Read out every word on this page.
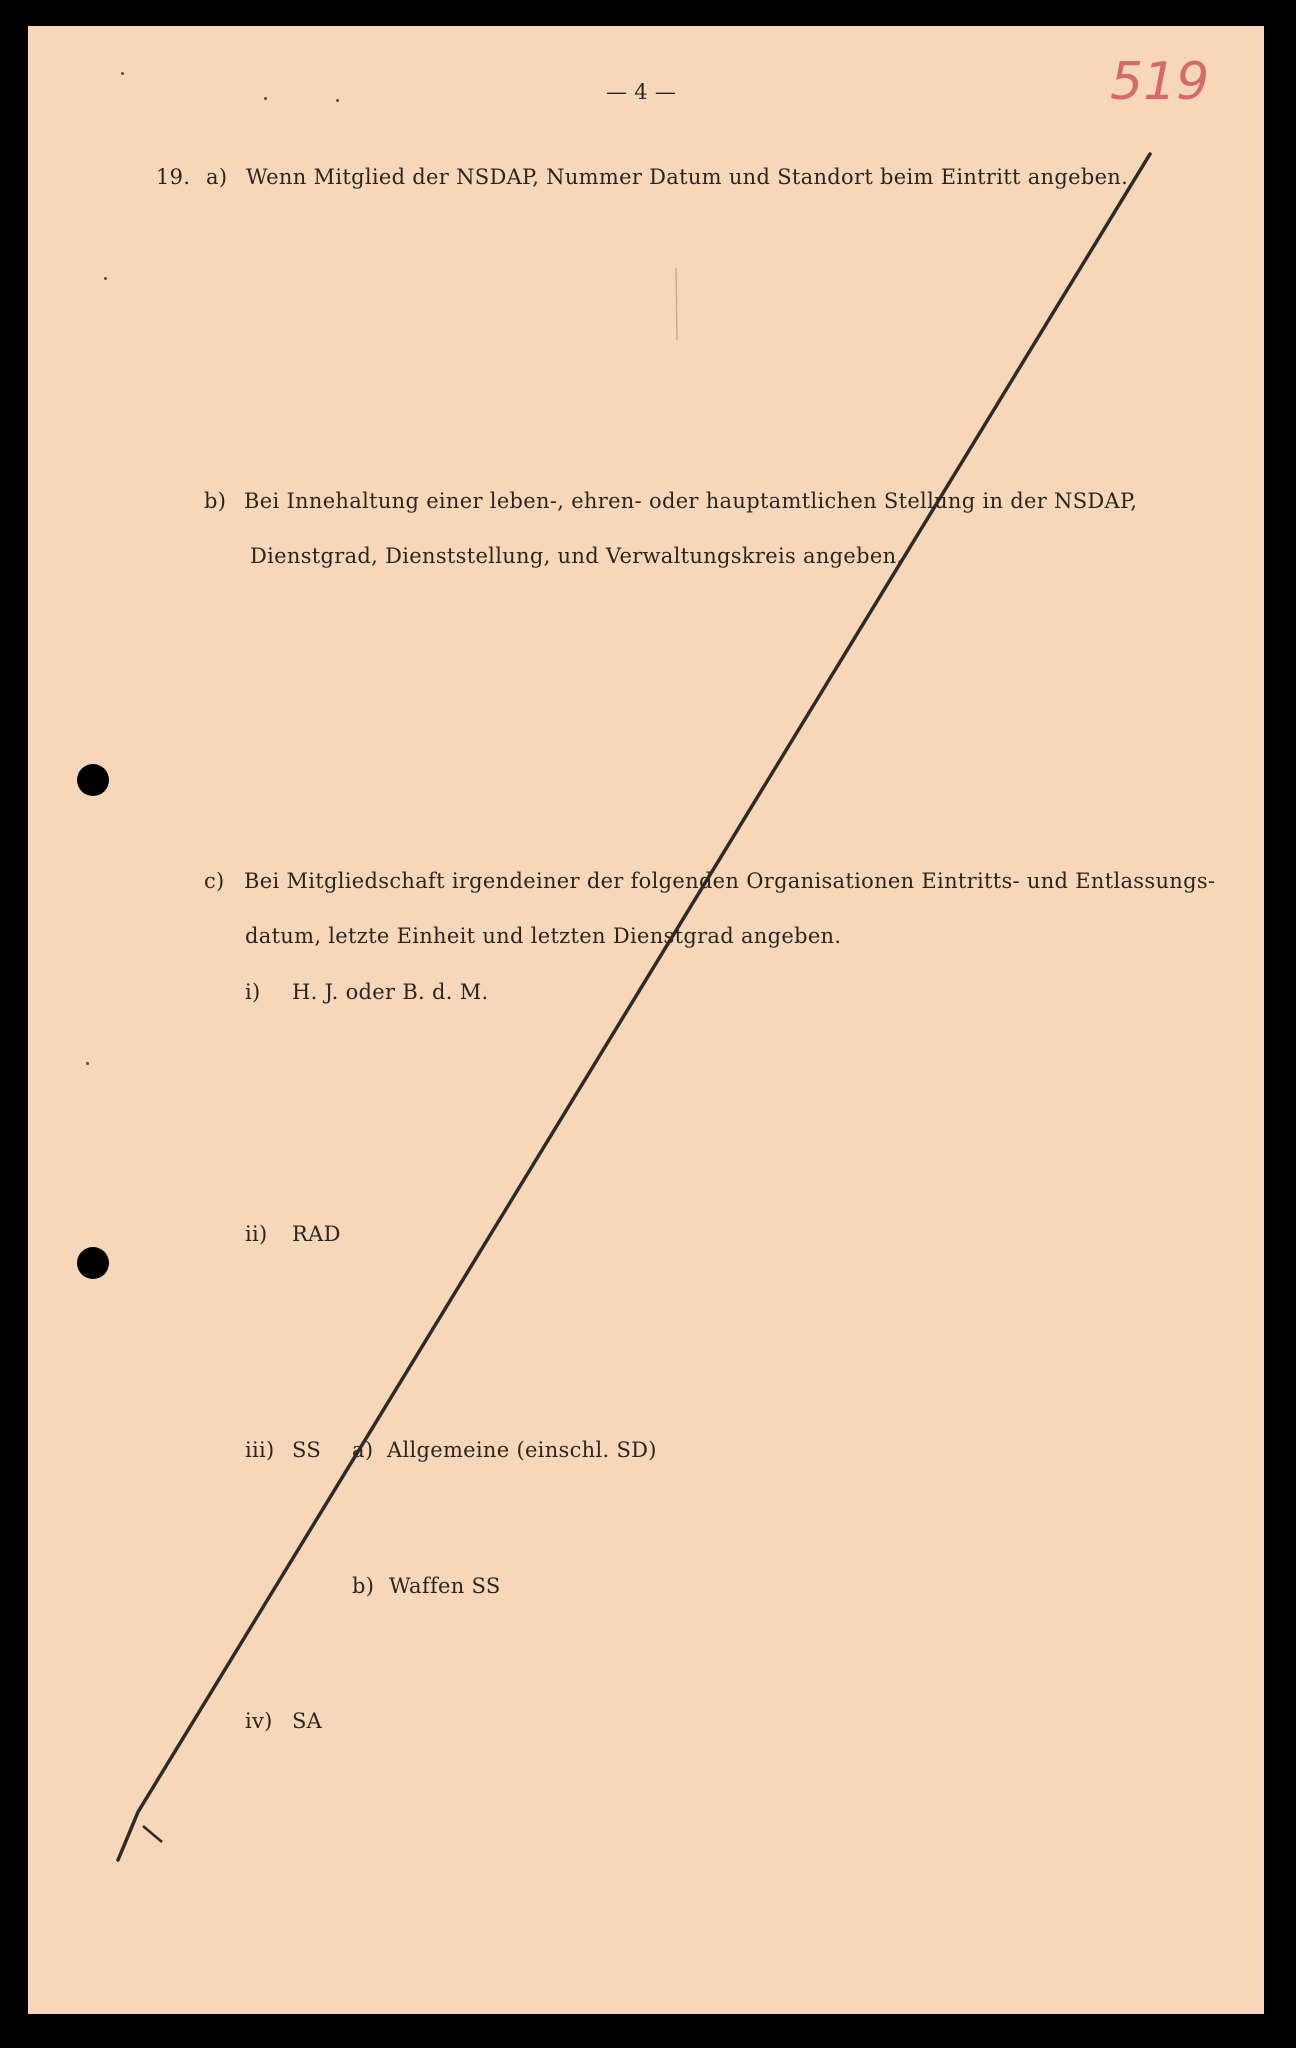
— 4 —	519
19. a) Wenn Mitglied der NSDAP, Nummer Datum und Standort beim Eintritt angeben.
b) Bei Innehaltung einer leben-, ehren- oder hauptamtlichen Stellung in der NSDAP,
Dienstgrad, Dienststellung, und Verwaltungskreis angeben.
c) Bei Mitgliedschaft irgendeiner der folgenden Organisationen Eintritts- und Entlassungs-
datum, letzte Einheit und letzten Dienstgrad angeben.
i) H. J. oder B. d. M.
ii) RAD
iii) SS a) Allgemeine (einschl. SD)
b) Waffen SS
iv) SA
